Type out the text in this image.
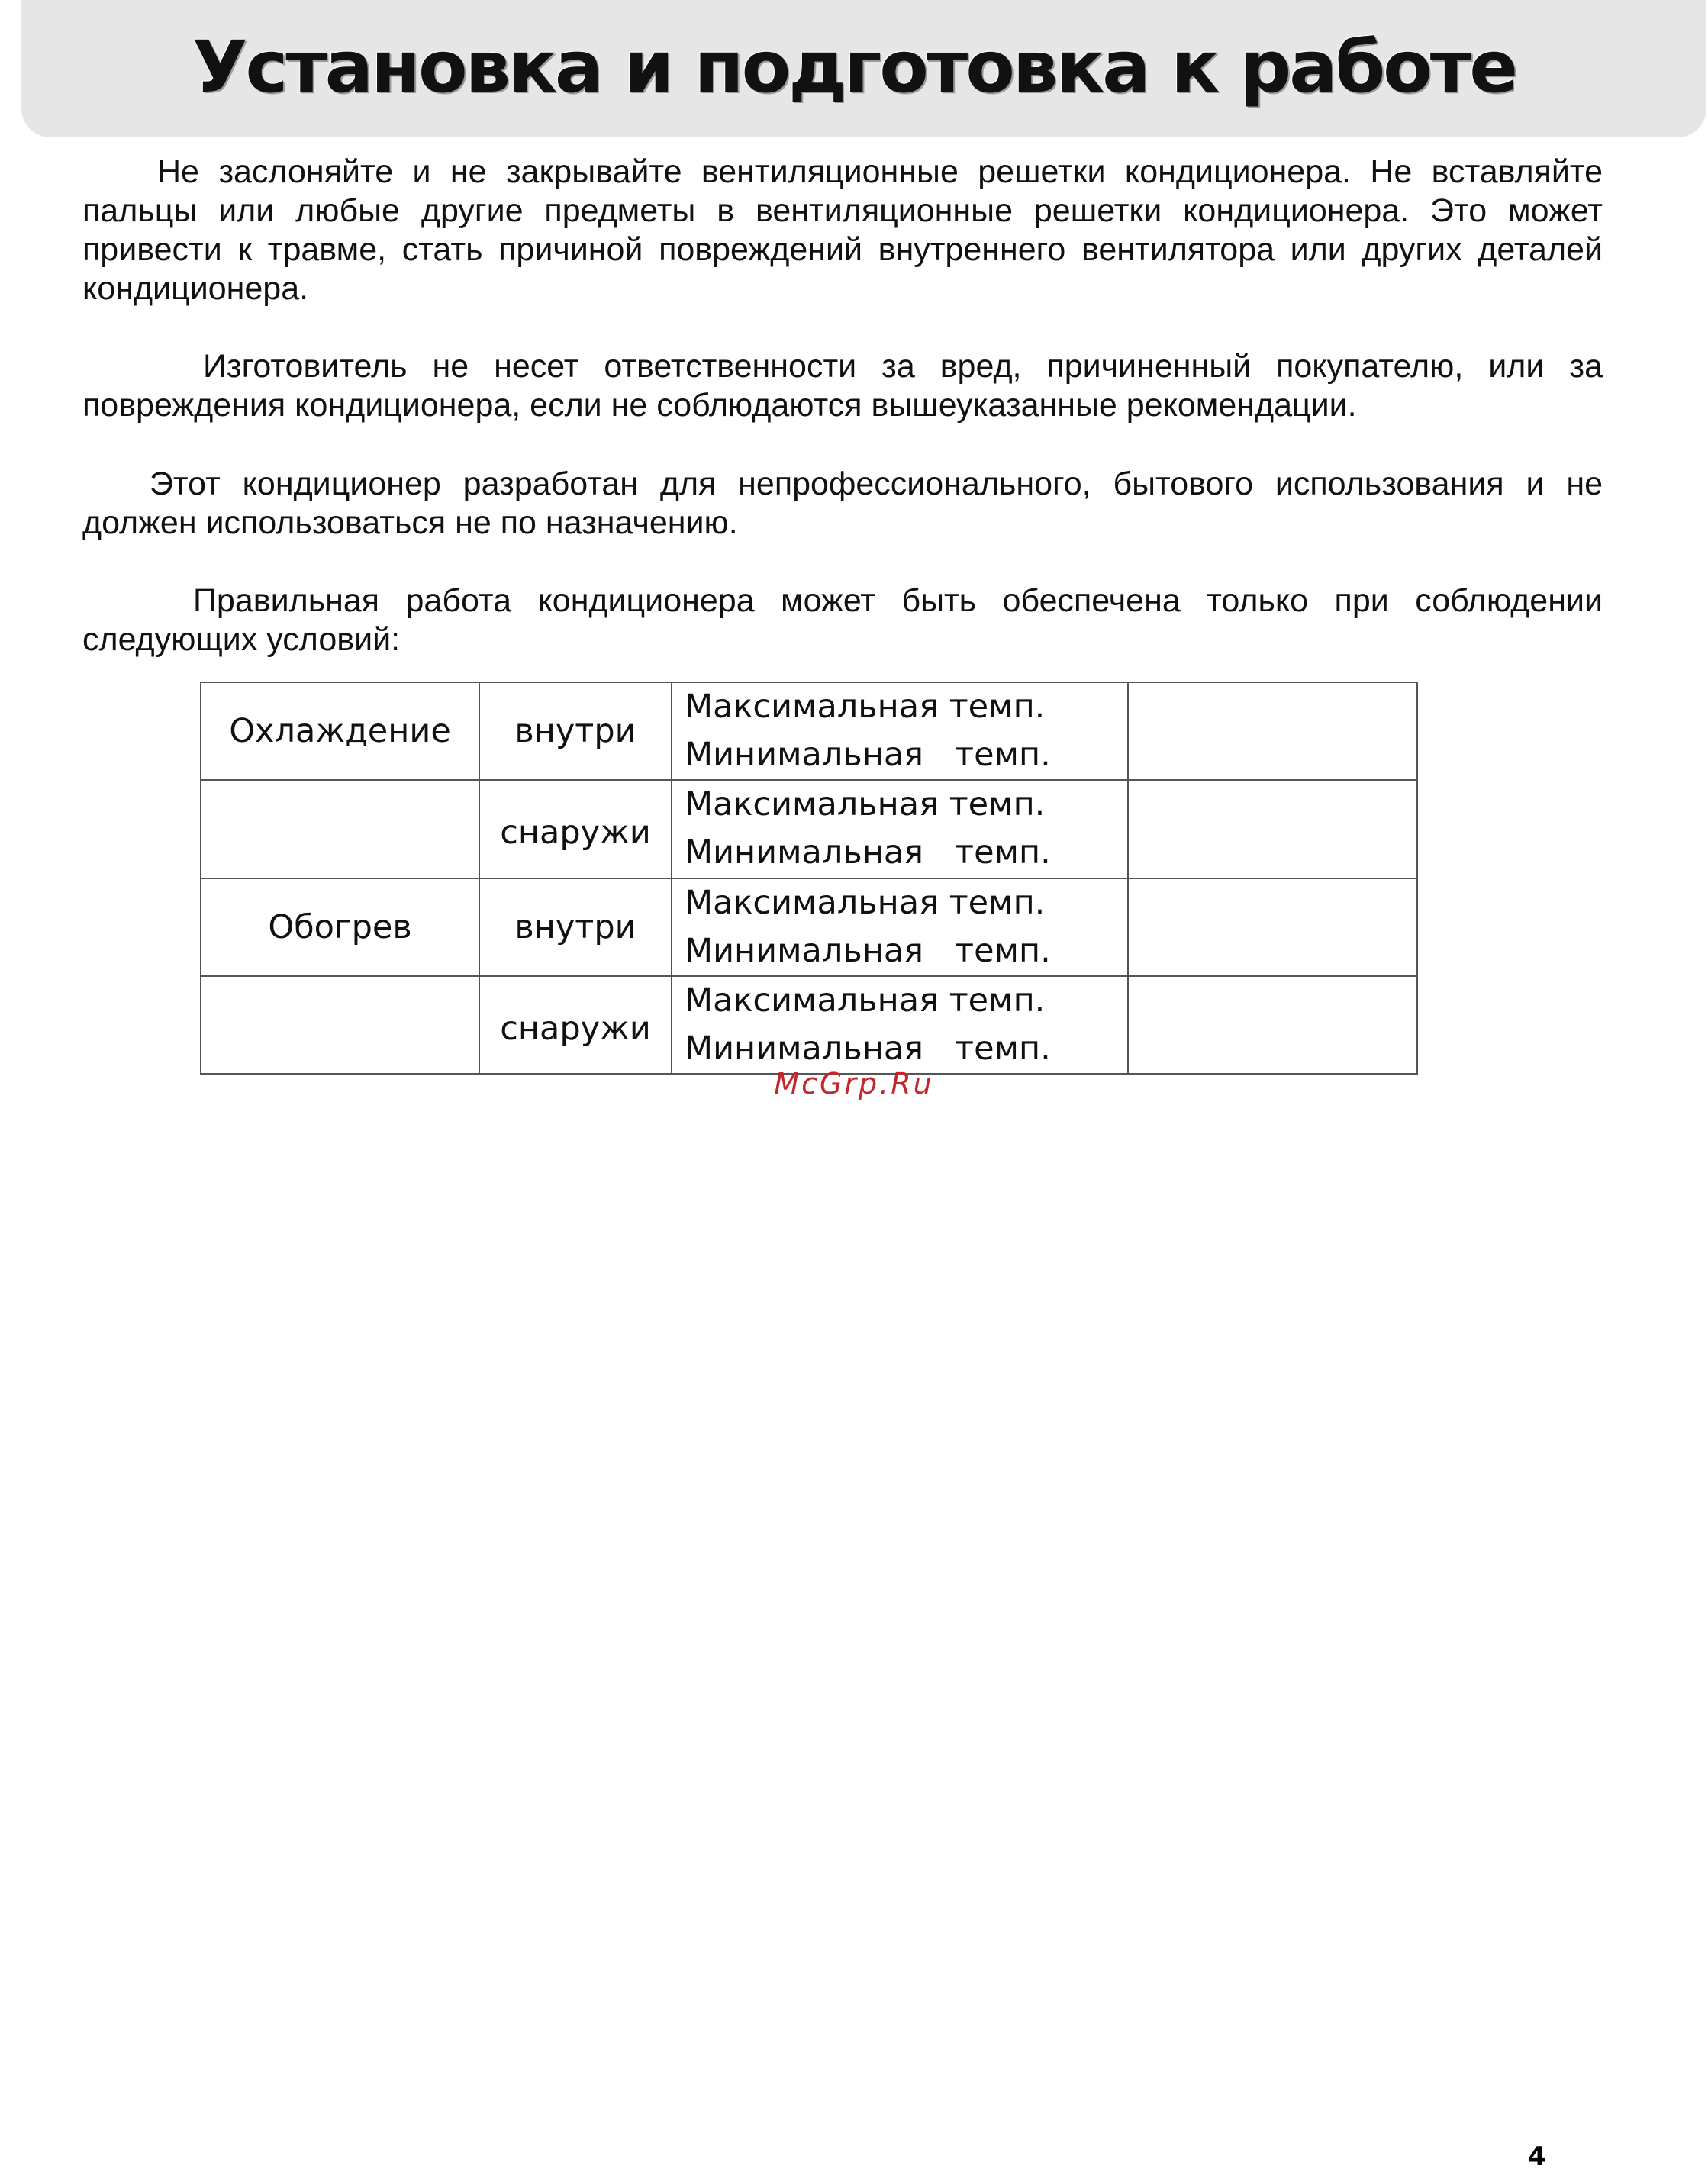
Установка и подготовка к работе

Не заслоняйте и не закрывайте вентиляционные решетки кондиционера. Не вставляйте пальцы или любые другие предметы в вентиляционные решетки кондиционера. Это может привести к травме, стать причиной повреждений внутреннего вентилятора или других деталей кондиционера.

Изготовитель не несет ответственности за вред, причиненный покупателю, или за повреждения кондиционера, если не соблюдаются вышеуказанные рекомендации.

Этот кондиционер разработан для непрофессионального, бытового использования и не должен использоваться не по назначению.

Правильная работа кондиционера может быть обеспечена только при соблюдении следующих условий:

Охлаждение	внутри	Максимальная темп.
Минимальная   темп.	

	снаружи	Максимальная темп.
Минимальная   темп.	

Обогрев	внутри	Максимальная темп.
Минимальная   темп.	

	снаружи	Максимальная темп.
Минимальная   темп.	

McGrp.Ru

4
